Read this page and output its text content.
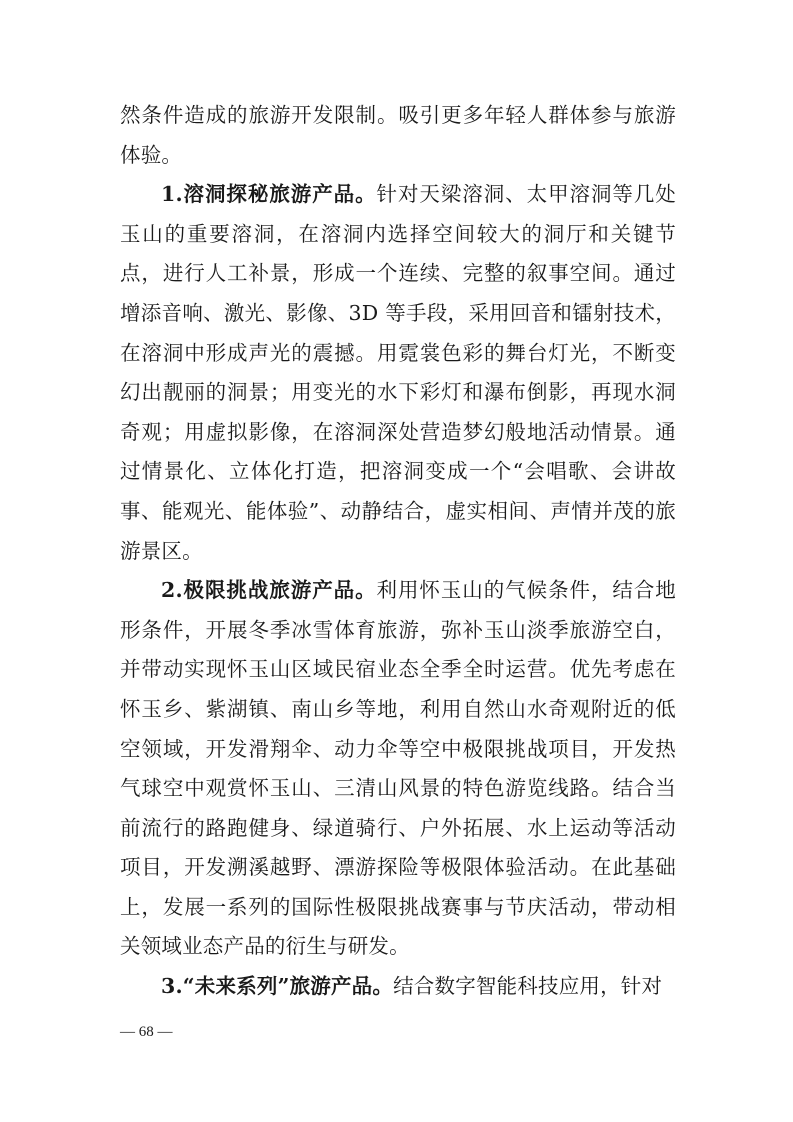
然条件造成的旅游开发限制。吸引更多年轻人群体参与旅游体验。

1.溶洞探秘旅游产品。针对天梁溶洞、太甲溶洞等几处玉山的重要溶洞，在溶洞内选择空间较大的洞厅和关键节点，进行人工补景，形成一个连续、完整的叙事空间。通过增添音响、激光、影像、3D 等手段，采用回音和镭射技术，在溶洞中形成声光的震撼。用霓裳色彩的舞台灯光，不断变幻出靓丽的洞景；用变光的水下彩灯和瀑布倒影，再现水洞奇观；用虚拟影像，在溶洞深处营造梦幻般地活动情景。通过情景化、立体化打造，把溶洞变成一个“会唱歌、会讲故事、能观光、能体验”、动静结合，虚实相间、声情并茂的旅游景区。

2.极限挑战旅游产品。利用怀玉山的气候条件，结合地形条件，开展冬季冰雪体育旅游，弥补玉山淡季旅游空白，并带动实现怀玉山区域民宿业态全季全时运营。优先考虑在怀玉乡、紫湖镇、南山乡等地，利用自然山水奇观附近的低空领域，开发滑翔伞、动力伞等空中极限挑战项目，开发热气球空中观赏怀玉山、三清山风景的特色游览线路。结合当前流行的路跑健身、绿道骑行、户外拓展、水上运动等活动项目，开发溯溪越野、漂游探险等极限体验活动。在此基础上，发展一系列的国际性极限挑战赛事与节庆活动，带动相关领域业态产品的衍生与研发。

3.“未来系列”旅游产品。结合数字智能科技应用，针对

— 68 —
